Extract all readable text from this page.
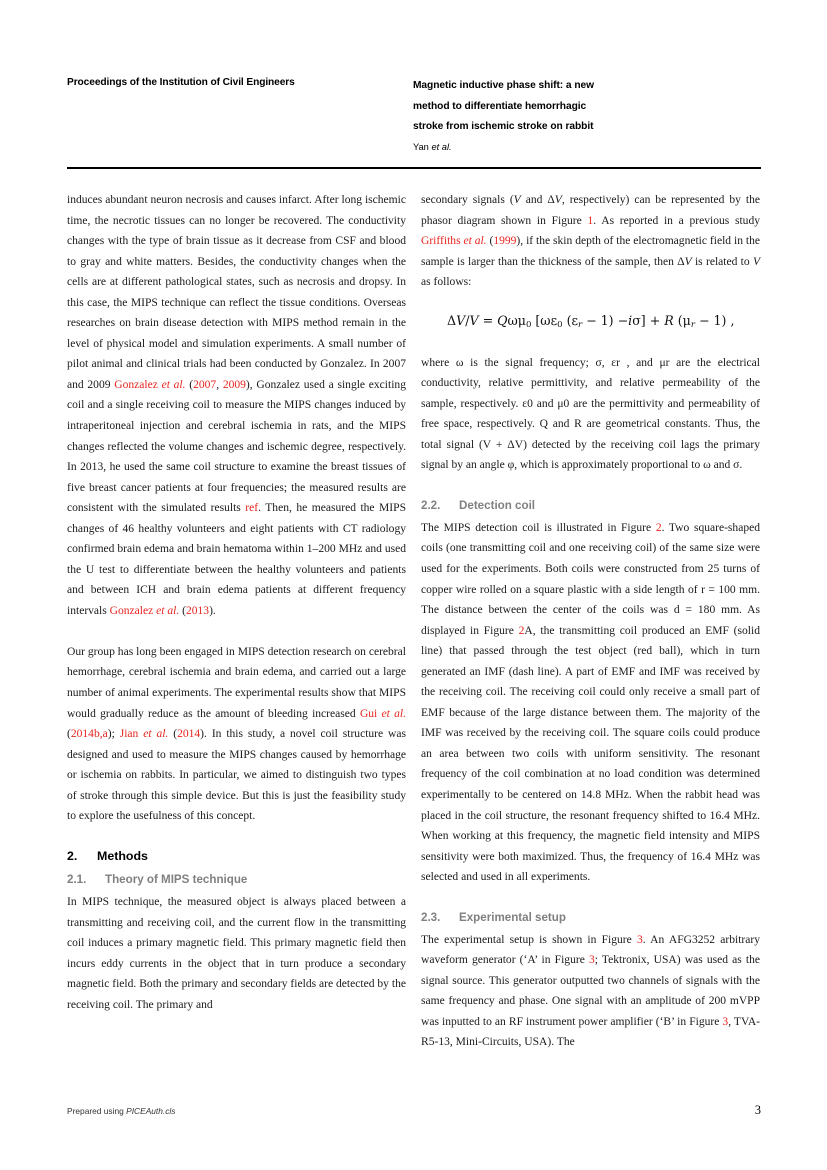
Proceedings of the Institution of Civil Engineers	Magnetic inductive phase shift: a new
method to differentiate hemorrhagic

stroke from ischemic stroke on rabbit
Yan et al.

induces abundant neuron necrosis and causes infarct. After long ischemic time, the necrotic tissues can no longer be recovered. The conductivity changes with the type of brain tissue as it decrease from CSF and blood to gray and white matters. Besides, the conductivity changes when the cells are at different pathological states, such as necrosis and dropsy. In this case, the MIPS technique can reflect the tissue conditions. Overseas researches on brain disease detection with MIPS method remain in the level of physical model and simulation experiments. A small number of pilot animal and clinical trials had been conducted by Gonzalez. In 2007 and 2009 Gonzalez et al. (2007, 2009), Gonzalez used a single exciting coil and a single receiving coil to measure the MIPS changes induced by intraperitoneal injection and cerebral ischemia in rats, and the MIPS changes reflected the volume changes and ischemic degree, respectively. In 2013, he used the same coil structure to examine the breast tissues of five breast cancer patients at four frequencies; the measured results are consistent with the simulated results ref. Then, he measured the MIPS changes of 46 healthy volunteers and eight patients with CT radiology confirmed brain edema and brain hematoma within 1–200 MHz and used the U test to differentiate between the healthy volunteers and patients and between ICH and brain edema patients at different frequency intervals Gonzalez et al. (2013).

Our group has long been engaged in MIPS detection research on cerebral hemorrhage, cerebral ischemia and brain edema, and carried out a large number of animal experiments. The experimental results show that MIPS would gradually reduce as the amount of bleeding increased Gui et al. (2014b,a); Jian et al. (2014). In this study, a novel coil structure was designed and used to measure the MIPS changes caused by hemorrhage or ischemia on rabbits. In particular, we aimed to distinguish two types of stroke through this simple device. But this is just the feasibility study to explore the usefulness of this concept.

2. Methods
2.1. Theory of MIPS technique

In MIPS technique, the measured object is always placed between a transmitting and receiving coil, and the current flow in the transmitting coil induces a primary magnetic field. This primary magnetic field then incurs eddy currents in the object that in turn produce a secondary magnetic field. Both the primary and secondary fields are detected by the receiving coil. The primary and

secondary signals (V and ΔV, respectively) can be represented by the phasor diagram shown in Figure 1. As reported in a previous study Griffiths et al. (1999), if the skin depth of the electromagnetic field in the sample is larger than the thickness of the sample, then ΔV is related to V as follows:

ΔV/V = Qωμ$_0$ [$\omega\varepsilon_0$ $(\varepsilon_r - 1) -i\sigma] + R$ $(\mu_r - 1)$ ,

where ω is the signal frequency; σ, εr , and μr are the electrical conductivity, relative permittivity, and relative permeability of the sample, respectively. ε0 and μ0 are the permittivity and permeability of free space, respectively. Q and R are geometrical constants. Thus, the total signal (V + ΔV) detected by the receiving coil lags the primary signal by an angle φ, which is approximately proportional to ω and σ.

2.2. Detection coil

The MIPS detection coil is illustrated in Figure 2. Two square-shaped coils (one transmitting coil and one receiving coil) of the same size were used for the experiments. Both coils were constructed from 25 turns of copper wire rolled on a square plastic with a side length of r = 100 mm. The distance between the center of the coils was d = 180 mm. As displayed in Figure 2A, the transmitting coil produced an EMF (solid line) that passed through the test object (red ball), which in turn generated an IMF (dash line). A part of EMF and IMF was received by the receiving coil. The receiving coil could only receive a small part of EMF because of the large distance between them. The majority of the IMF was received by the receiving coil. The square coils could produce an area between two coils with uniform sensitivity. The resonant frequency of the coil combination at no load condition was determined experimentally to be centered on 14.8 MHz. When the rabbit head was placed in the coil structure, the resonant frequency shifted to 16.4 MHz. When working at this frequency, the magnetic field intensity and MIPS sensitivity were both maximized. Thus, the frequency of 16.4 MHz was selected and used in all experiments.

2.3. Experimental setup

The experimental setup is shown in Figure 3. An AFG3252 arbitrary waveform generator (‘A’ in Figure 3; Tektronix, USA) was used as the signal source. This generator outputted two channels of signals with the same frequency and phase. One signal with an amplitude of 200 mVPP was inputted to an RF instrument power amplifier (‘B’ in Figure 3, TVA-R5-13, Mini-Circuits, USA). The

Prepared using PICEAuth.cls	3
